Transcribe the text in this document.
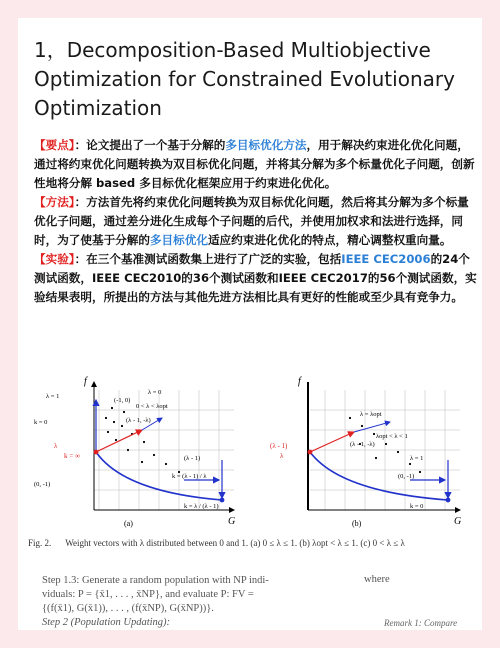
1，Decomposition-Based Multiobjective Optimization for Constrained Evolutionary Optimization

【要点】：论文提出了一个基于分解的多目标优化方法，用于解决约束进化优化问题，通过将约束优化问题转换为双目标优化问题，并将其分解为多个标量优化子问题，创新性地将分解 based 多目标优化框架应用于约束进化优化。

【方法】：方法首先将约束优化问题转换为双目标优化问题，然后将其分解为多个标量优化子问题，通过差分进化生成每个子问题的后代，并使用加权求和法进行选择，同时，为了使基于分解的多目标优化适应约束进化优化的特点，精心调整权重向量。

【实验】：在三个基准测试函数集上进行了广泛的实验，包括IEEE CEC2006的24个测试函数，IEEE CEC2010的36个测试函数和IEEE CEC2017的56个测试函数，实验结果表明，所提出的方法与其他先进方法相比具有更好的性能或至少具有竞争力。

f
G
λ = 1
λ = 0
(-1, 0)
0 < λ < λopt
(λ - 1, -λ)
k = 0
(0, -1)
(λ - 1)
k = (λ - 1) / λ
k = λ / (λ - 1)
λ
k = ∞
(a)
f
G
λ = λopt
λopt < λ < 1
(λ - 1, -λ)
λ = 1
(0, -1)
k = 0
(λ - 1)
λ
(b)
Fig. 2. Weight vectors with λ distributed between 0 and 1. (a) 0 ≤ λ ≤ 1. (b) λopt < λ ≤ 1. (c) 0 < λ ≤ λ

Step 1.3: Generate a random population with NP indi-

viduals: P = {x̄1, . . . , x̄NP}, and evaluate P: FV =

{(f(x̄1), G(x̄1)), . . . , (f(x̄NP), G(x̄NP))}.

Step 2 (Population Updating):

where
Remark 1: Compare
